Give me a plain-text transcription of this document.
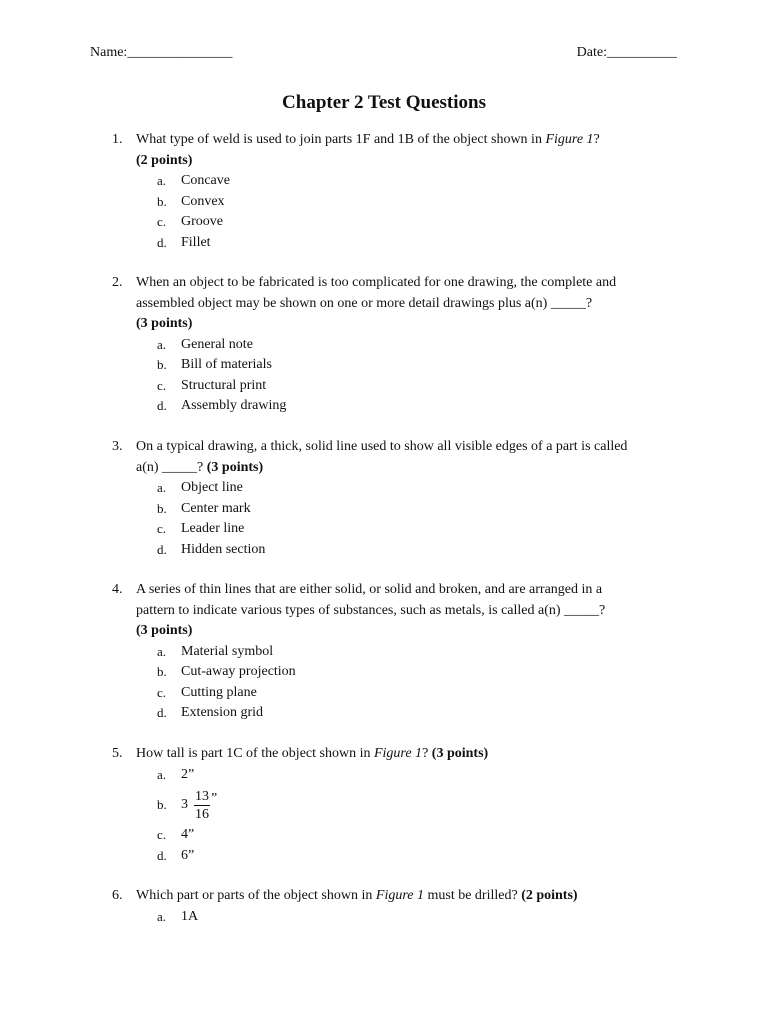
Name:_______________	Date:__________
Chapter 2 Test Questions
1. What type of weld is used to join parts 1F and 1B of the object shown in Figure 1?
(2 points)
a. Concave
b. Convex
c. Groove
d. Fillet
2. When an object to be fabricated is too complicated for one drawing, the complete and
assembled object may be shown on one or more detail drawings plus a(n) _____?
(3 points)
a. General note
b. Bill of materials
c. Structural print
d. Assembly drawing
3. On a typical drawing, a thick, solid line used to show all visible edges of a part is called
a(n) _____? (3 points)
a. Object line
b. Center mark
c. Leader line
d. Hidden section
4. A series of thin lines that are either solid, or solid and broken, and are arranged in a
pattern to indicate various types of substances, such as metals, is called a(n) _____?
(3 points)
a. Material symbol
b. Cut-away projection
c. Cutting plane
d. Extension grid
5. How tall is part 1C of the object shown in Figure 1? (3 points)
a. 2”
b. $3 \frac{13}{16}$ ”
c. 4”
d. 6”
6. Which part or parts of the object shown in Figure 1 must be drilled? (2 points)
a. 1A
